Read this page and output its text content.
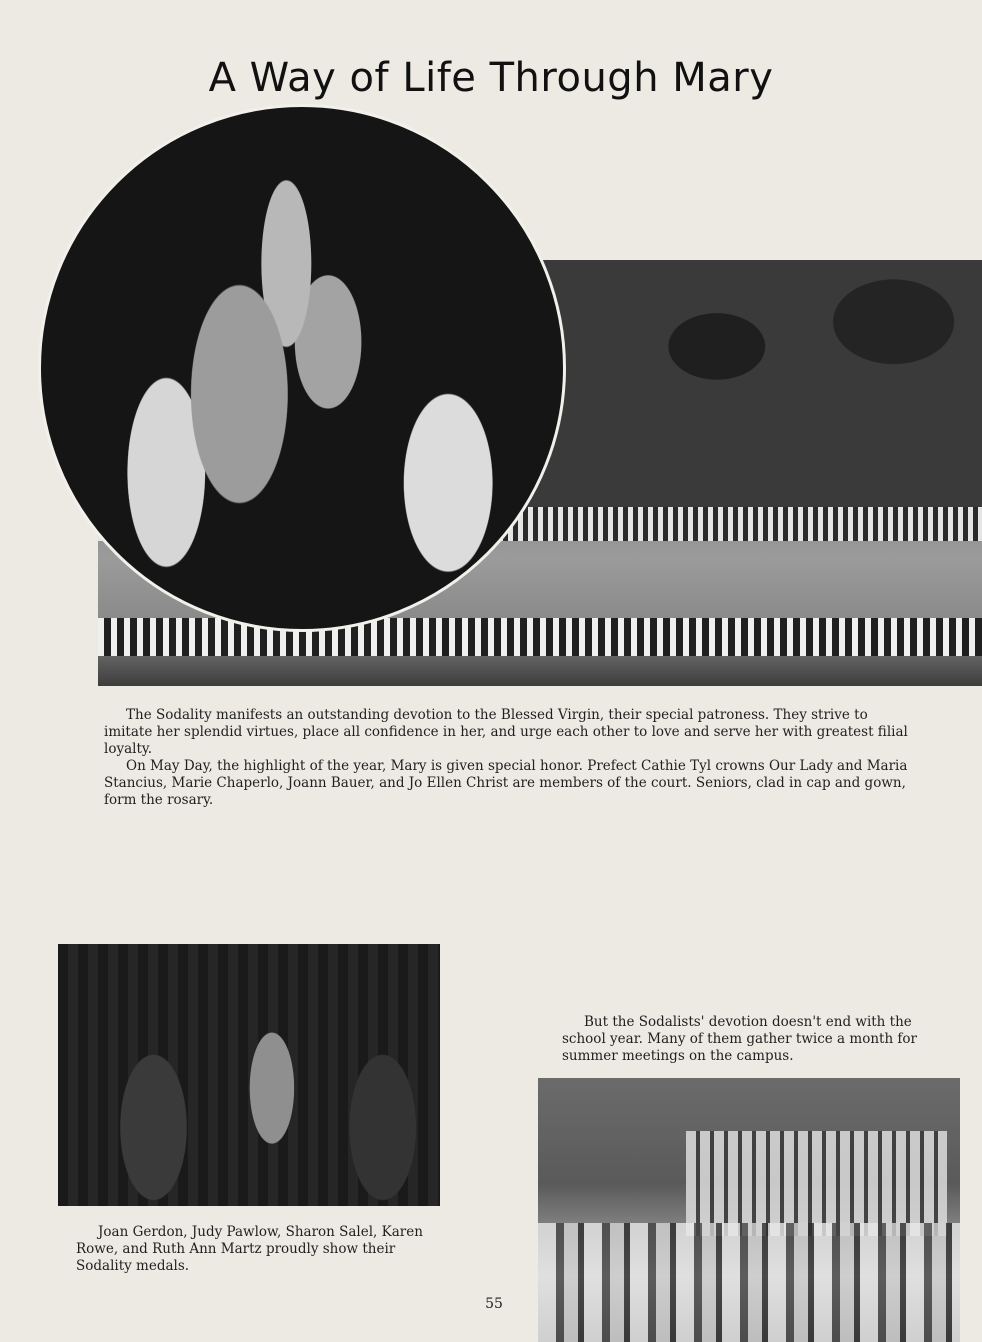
A Way of Life Through Mary

The Sodality manifests an outstanding devotion to the Blessed Virgin, their special patroness. They strive to imitate her splendid virtues, place all confidence in her, and urge each other to love and serve her with greatest filial loyalty.

On May Day, the highlight of the year, Mary is given special honor. Prefect Cathie Tyl crowns Our Lady and Maria Stancius, Marie Chaperlo, Joann Bauer, and Jo Ellen Christ are members of the court. Seniors, clad in cap and gown, form the rosary.

But the Sodalists' devotion doesn't end with the school year. Many of them gather twice a month for summer meetings on the campus.

Joan Gerdon, Judy Pawlow, Sharon Salel, Karen Rowe, and Ruth Ann Martz proudly show their Sodality medals.

55
